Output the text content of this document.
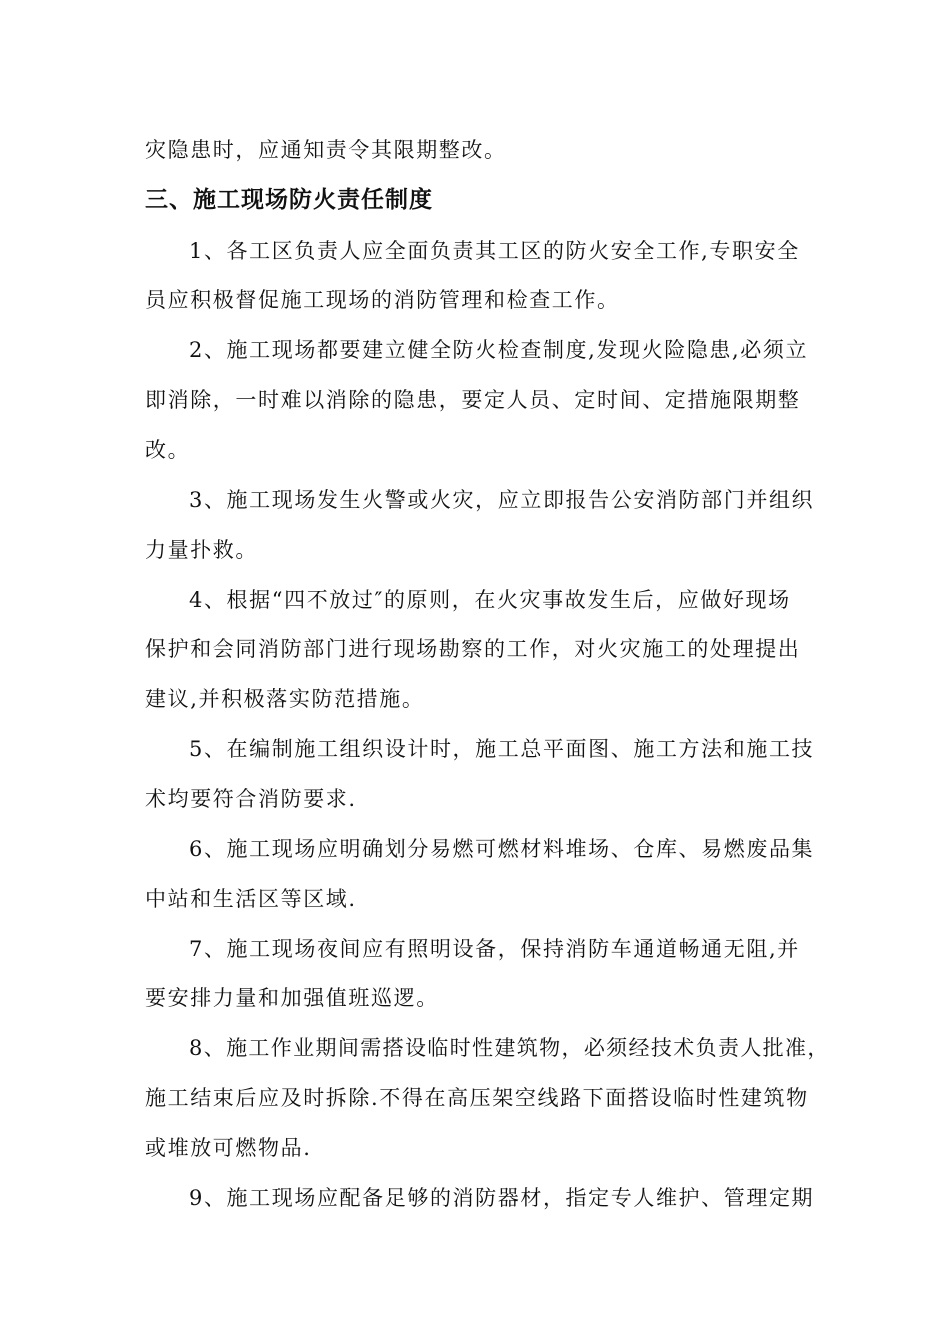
灾隐患时，应通知责令其限期整改。
三、施工现场防火责任制度
1、各工区负责人应全面负责其工区的防火安全工作,专职安全
员应积极督促施工现场的消防管理和检查工作。
2、施工现场都要建立健全防火检查制度,发现火险隐患,必须立
即消除，一时难以消除的隐患，要定人员、定时间、定措施限期整
改。
3、施工现场发生火警或火灾，应立即报告公安消防部门并组织
力量扑救。
4、根据“四不放过″的原则，在火灾事故发生后，应做好现场
保护和会同消防部门进行现场勘察的工作，对火灾施工的处理提出
建议,并积极落实防范措施。
5、在编制施工组织设计时，施工总平面图、施工方法和施工技
术均要符合消防要求.
6、施工现场应明确划分易燃可燃材料堆场、仓库、易燃废品集
中站和生活区等区域.
7、施工现场夜间应有照明设备，保持消防车通道畅通无阻,并
要安排力量和加强值班巡逻。
8、施工作业期间需搭设临时性建筑物，必须经技术负责人批准，
施工结束后应及时拆除.不得在高压架空线路下面搭设临时性建筑物
或堆放可燃物品.
9、施工现场应配备足够的消防器材，指定专人维护、管理定期
